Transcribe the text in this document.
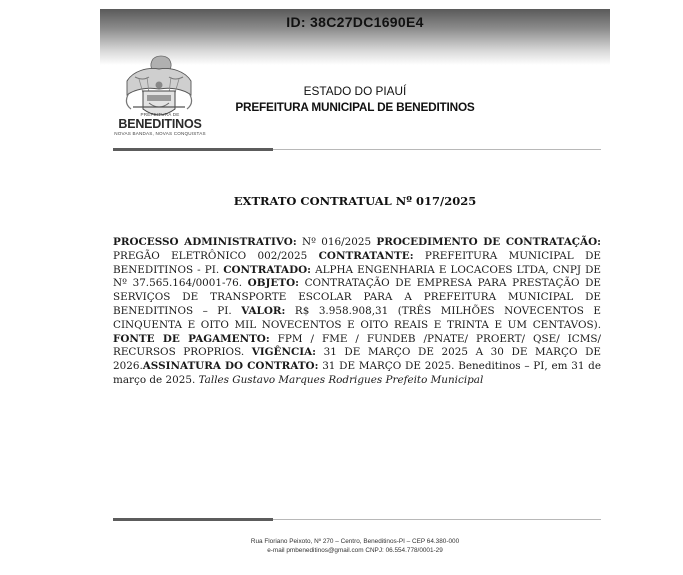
ID: 38C27DC1690E4
PREFEITURA DE
BENEDITINOS
NOVAS BANDAS, NOVAS CONQUISTAS
ESTADO DO PIAUÍ
PREFEITURA MUNICIPAL DE BENEDITINOS
EXTRATO CONTRATUAL Nº 017/2025
PROCESSO ADMINISTRATIVO: Nº 016/2025 PROCEDIMENTO DE CONTRATAÇÃO: PREGÃO ELETRÔNICO 002/2025 CONTRATANTE: PREFEITURA MUNICIPAL DE BENEDITINOS - PI. CONTRATADO: ALPHA ENGENHARIA E LOCACOES LTDA, CNPJ DE Nº 37.565.164/0001-76. OBJETO: CONTRATAÇÃO DE EMPRESA PARA PRESTAÇÃO DE SERVIÇOS DE TRANSPORTE ESCOLAR PARA A PREFEITURA MUNICIPAL DE BENEDITINOS – PI. VALOR: R$ 3.958.908,31 (TRÊS MILHÕES NOVECENTOS E CINQUENTA E OITO MIL NOVECENTOS E OITO REAIS E TRINTA E UM CENTAVOS). FONTE DE PAGAMENTO: FPM / FME / FUNDEB /PNATE/ PROERT/ QSE/ ICMS/ RECURSOS PROPRIOS. VIGÊNCIA: 31 DE MARÇO DE 2025 A 30 DE MARÇO DE 2026.ASSINATURA DO CONTRATO: 31 DE MARÇO DE 2025. Beneditinos – PI, em 31 de março de 2025. Talles Gustavo Marques Rodrigues Prefeito Municipal
Rua Floriano Peixoto, Nº 270 – Centro, Beneditinos-PI – CEP 64.380-000
e-mail pmbeneditinos@gmail.com CNPJ: 06.554.778/0001-29
